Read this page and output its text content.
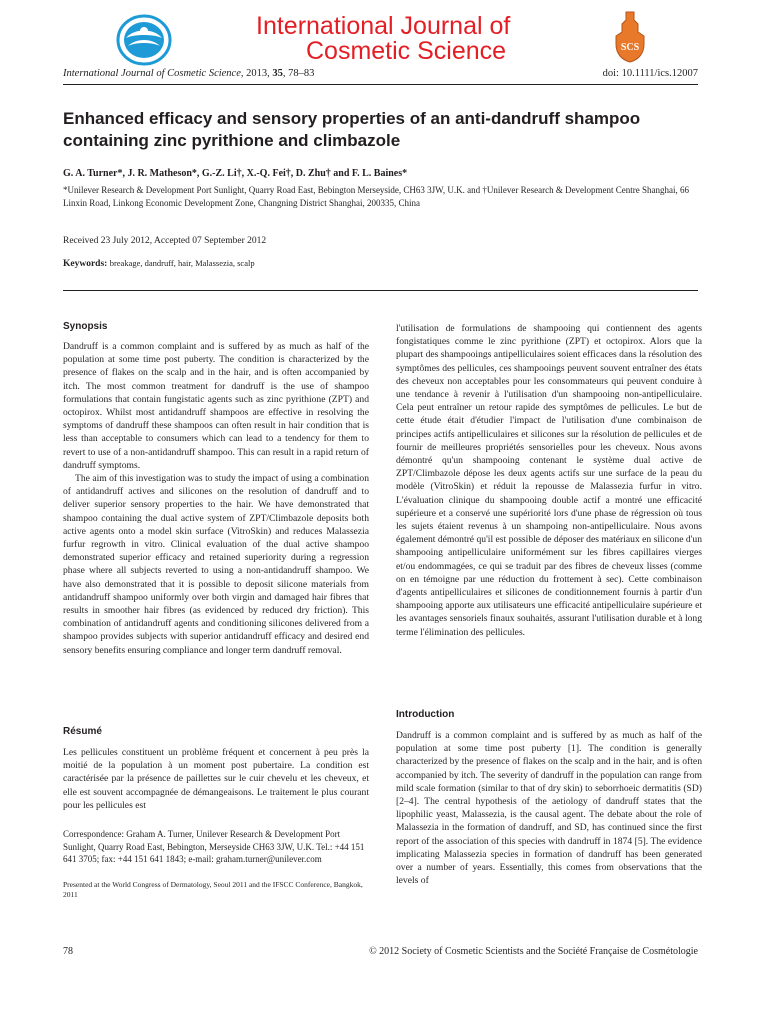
International Journal of
Cosmetic Science	SCS
International Journal of Cosmetic Science, 2013, 35, 78–83	doi: 10.1111/ics.12007
Enhanced efficacy and sensory properties of an anti-dandruff shampoo containing zinc pyrithione and climbazole
G. A. Turner*, J. R. Matheson*, G.-Z. Li†, X.-Q. Fei†, D. Zhu† and F. L. Baines*
*Unilever Research & Development Port Sunlight, Quarry Road East, Bebington Merseyside, CH63 3JW, U.K. and †Unilever Research & Development Centre Shanghai, 66 Linxin Road, Linkong Economic Development Zone, Changning District Shanghai, 200335, China
Received 23 July 2012, Accepted 07 September 2012
Keywords: breakage, dandruff, hair, Malassezia, scalp
Synopsis

Dandruff is a common complaint and is suffered by as much as half of the population at some time post puberty. The condition is characterized by the presence of flakes on the scalp and in the hair, and is often accompanied by itch. The most common treatment for dandruff is the use of shampoo formulations that contain fungistatic agents such as zinc pyrithione (ZPT) and octopirox. Whilst most antidandruff shampoos are effective in resolving the symptoms of dandruff these shampoos can often result in hair condition that is less than acceptable to consumers which can lead to a tendency for them to revert to use of a non-antidandruff shampoo. This can result in a rapid return of dandruff symptoms.

The aim of this investigation was to study the impact of using a combination of antidandruff actives and silicones on the resolution of dandruff and to deliver superior sensory properties to the hair. We have demonstrated that shampoo containing the dual active system of ZPT/Climbazole deposits both active agents onto a model skin surface (VitroSkin) and reduces Malassezia furfur regrowth in vitro. Clinical evaluation of the dual active shampoo demonstrated superior efficacy and retained superiority during a regression phase where all subjects reverted to using a non-antidandruff shampoo. We have also demonstrated that it is possible to deposit silicone materials from antidandruff shampoo uniformly over both virgin and damaged hair fibres that results in smoother hair fibres (as evidenced by reduced dry friction). This combination of antidandruff agents and conditioning silicones delivered from a shampoo provides subjects with superior antidandruff efficacy and desired end sensory benefits ensuring compliance and longer term dandruff removal.

Résumé

Les pellicules constituent un problème fréquent et concernent à peu près la moitié de la population à un moment post pubertaire. La condition est caractérisée par la présence de paillettes sur le cuir chevelu et les cheveux, et elle est souvent accompagnée de démangeaisons. Le traitement le plus courant pour les pellicules est

Correspondence: Graham A. Turner, Unilever Research & Development Port Sunlight, Quarry Road East, Bebington, Merseyside CH63 3JW, U.K. Tel.: +44 151 641 3705; fax: +44 151 641 1843; e-mail: graham.turner@unilever.com
Presented at the World Congress of Dermatology, Seoul 2011 and the IFSCC Conference, Bangkok, 2011

l'utilisation de formulations de shampooing qui contiennent des agents fongistatiques comme le zinc pyrithione (ZPT) et octopirox. Alors que la plupart des shampooings antipelliculaires soient efficaces dans la résolution des symptômes des pellicules, ces shampooings peuvent souvent entraîner des états des cheveux non acceptables pour les consommateurs qui peuvent conduire à une tendance à revenir à l'utilisation d'un shampooing non-antipelliculaire. Cela peut entraîner un retour rapide des symptômes de pellicules. Le but de cette étude était d'étudier l'impact de l'utilisation d'une combinaison de principes actifs antipelliculaires et silicones sur la résolution de pellicules et de fournir de meilleures propriétés sensorielles pour les cheveux. Nous avons démontré qu'un shampooing contenant le système dual active de ZPT/Climbazole dépose les deux agents actifs sur une surface de la peau du modèle (VitroSkin) et réduit la repousse de Malassezia furfur in vitro. L'évaluation clinique du shampooing double actif a montré une efficacité supérieure et a conservé une supériorité lors d'une phase de régression où tous les sujets étaient revenus à un shampoing non-antipelliculaire. Nous avons également démontré qu'il est possible de déposer des matériaux en silicone d'un shampooing antipelliculaire uniformément sur les fibres capillaires vierges et/ou endommagées, ce qui se traduit par des fibres de cheveux lisses (comme on en témoigne par une réduction du frottement à sec). Cette combinaison d'agents antipelliculaires et silicones de conditionnement fournis à partir d'un shampooing apporte aux utilisateurs une efficacité antipelliculaire supérieure et les avantages sensoriels finaux souhaités, assurant l'utilisation durable et à long terme l'élimination des pellicules.

Introduction

Dandruff is a common complaint and is suffered by as much as half of the population at some time post puberty [1]. The condition is generally characterized by the presence of flakes on the scalp and in the hair, and is often accompanied by itch. The severity of dandruff in the population can range from mild scale formation (similar to that of dry skin) to seborrhoeic dermatitis (SD) [2–4]. The central hypothesis of the aetiology of dandruff states that the lipophilic yeast, Malassezia, is the causal agent. The debate about the role of Malassezia in the formation of dandruff, and SD, has continued since the first report of the association of this species with dandruff in 1874 [5]. The evidence implicating Malassezia species in formation of dandruff has been generated over a number of years. Essentially, this comes from observations that the levels of

78	© 2012 Society of Cosmetic Scientists and the Société Française de Cosmétologie
